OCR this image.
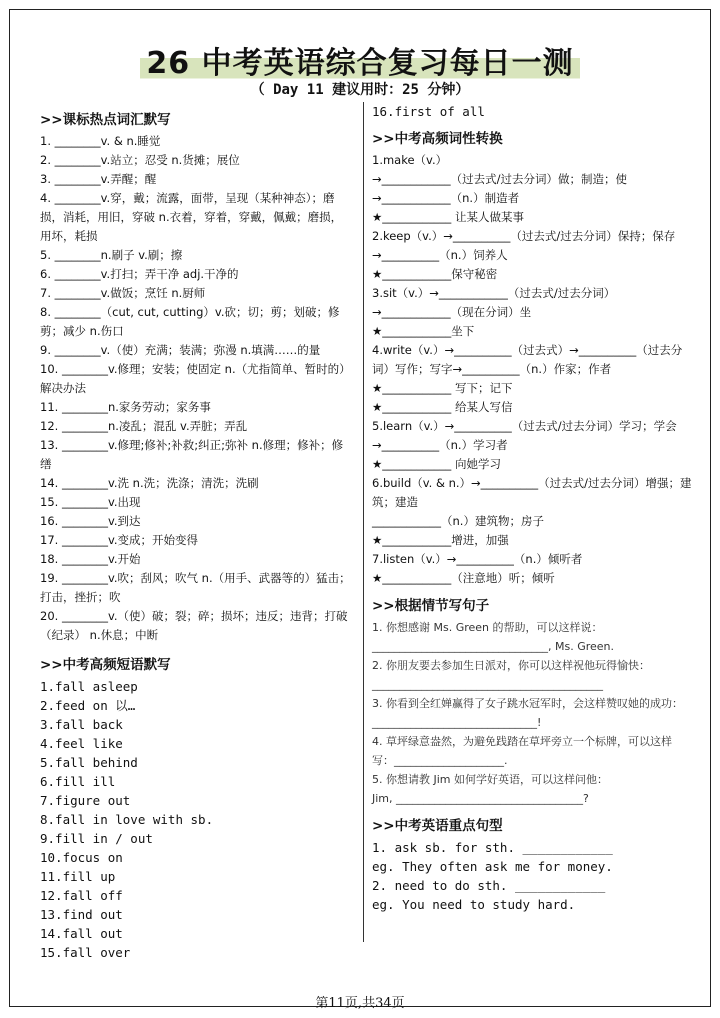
26 中考英语综合复习每日一测
（ Day 11 建议用时：25 分钟）
>>课标热点词汇默写
1. ________v. & n.睡觉
2. ________v.站立；忍受 n.货摊；展位
3. ________v.弄醒；醒
4. ________v.穿，戴；流露，面带，呈现（某种神态）；磨损，消耗，用旧，穿破 n.衣着，穿着，穿戴，佩戴；磨损，用坏，耗损
5. ________n.刷子 v.刷；擦
6. ________v.打扫；弄干净 adj.干净的
7. ________v.做饭；烹饪 n.厨师
8. ________（cut, cut, cutting）v.砍；切；剪；划破；修剪；减少 n.伤口
9. ________v.（使）充满；装满；弥漫 n.填满……的量
10. ________v.修理；安装；使固定 n.（尤指简单、暂时的）解决办法
11. ________n.家务劳动；家务事
12. ________n.凌乱；混乱 v.弄脏；弄乱
13. ________v.修理;修补;补救;纠正;弥补 n.修理；修补；修缮
14. ________v.洗 n.洗；洗涤；清洗；洗刷
15. ________v.出现
16. ________v.到达
17. ________v.变成；开始变得
18. ________v.开始
19. ________v.吹；刮风；吹气 n.（用手、武器等的）猛击；打击，挫折；吹
20. ________v.（使）破；裂；碎；损坏；违反；违背；打破（纪录） n.休息；中断
>>中考高频短语默写
1.fall asleep
2.feed on 以…
3.fall back
4.feel like
5.fall behind
6.fill ill
7.figure out
8.fall in love with sb.
9.fill in / out
10.focus on
11.fill up
12.fall off
13.find out
14.fall out
15.fall over
16.first of all
>>中考高频词性转换
1.make（v.）
→____________（过去式/过去分词）做；制造；使
→____________（n.）制造者
★____________ 让某人做某事
2.keep（v.）→__________（过去式/过去分词）保持；保存→__________（n.）饲养人
★____________保守秘密
3.sit（v.）→____________（过去式/过去分词）
→____________（现在分词）坐
★____________坐下
4.write（v.）→__________（过去式）→__________（过去分词）写作；写字→__________（n.）作家；作者
★____________ 写下；记下
★____________ 给某人写信
5.learn（v.）→__________（过去式/过去分词）学习；学会→__________（n.）学习者
★____________ 向她学习
6.build（v. & n.）→__________（过去式/过去分词）增强；建筑；建造
____________（n.）建筑物；房子
★____________增进，加强
7.listen（v.）→__________（n.）倾听者
★____________（注意地）听；倾听
>>根据情节写句子
1. 你想感谢 Ms. Green 的帮助，可以这样说：
________________________________, Ms. Green.
2. 你朋友要去参加生日派对，你可以这样祝他玩得愉快：
__________________________________________
3. 你看到全红婵赢得了女子跳水冠军时，会这样赞叹她的成功：______________________________!
4. 草坪绿意盎然，为避免践踏在草坪旁立一个标牌，可以这样写：____________________.
5. 你想请教 Jim 如何学好英语，可以这样问他：
Jim, __________________________________?
>>中考英语重点句型
1. ask sb. for sth. ____________
eg. They often ask me for money.
2. need to do sth. ____________
eg. You need to study hard.
第11页,共34页
